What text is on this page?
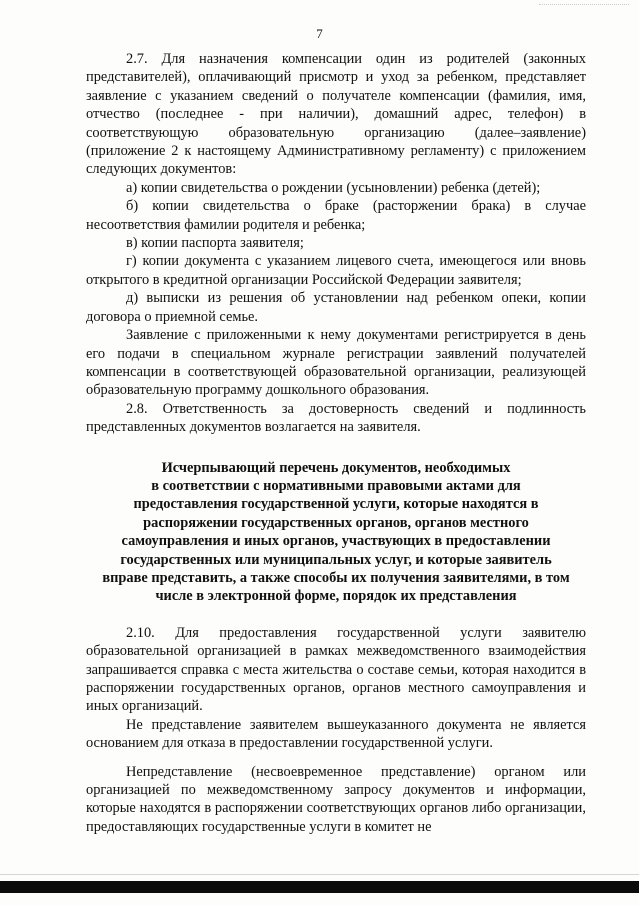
7

2.7. Для назначения компенсации один из родителей (законных представителей), оплачивающий присмотр и уход за ребенком, представляет заявление с указанием сведений о получателе компенсации (фамилия, имя, отчество (последнее - при наличии), домашний адрес, телефон) в соответствующую образовательную организацию (далее–заявление) (приложение 2 к настоящему Административному регламенту) с приложением следующих документов:

а) копии свидетельства о рождении (усыновлении) ребенка (детей);

б) копии свидетельства о браке (расторжении брака) в случае несоответствия фамилии родителя и ребенка;

в) копии паспорта заявителя;

г) копии документа с указанием лицевого счета, имеющегося или вновь открытого в кредитной организации Российской Федерации заявителя;

д) выписки из решения об установлении над ребенком опеки, копии договора о приемной семье.

Заявление с приложенными к нему документами регистрируется в день его подачи в специальном журнале регистрации заявлений получателей компенсации в соответствующей образовательной организации, реализующей образовательную программу дошкольного образования.

2.8. Ответственность за достоверность сведений и подлинность представленных документов возлагается на заявителя.

Исчерпывающий перечень документов, необходимых
в соответствии с нормативными правовыми актами для
предоставления государственной услуги, которые находятся в
распоряжении государственных органов, органов местного
самоуправления и иных органов, участвующих в предоставлении
государственных или муниципальных услуг, и которые заявитель
вправе представить, а также способы их получения заявителями, в том
числе в электронной форме, порядок их представления

2.10. Для предоставления государственной услуги заявителю образовательной организацией в рамках межведомственного взаимодействия запрашивается справка с места жительства о составе семьи, которая находится в распоряжении государственных органов, органов местного самоуправления и иных организаций.

Не представление заявителем вышеуказанного документа не является основанием для отказа в предоставлении государственной услуги.

Непредставление (несвоевременное представление) органом или организацией по межведомственному запросу документов и информации, которые находятся в распоряжении соответствующих органов либо организации, предоставляющих государственные услуги в комитет не
